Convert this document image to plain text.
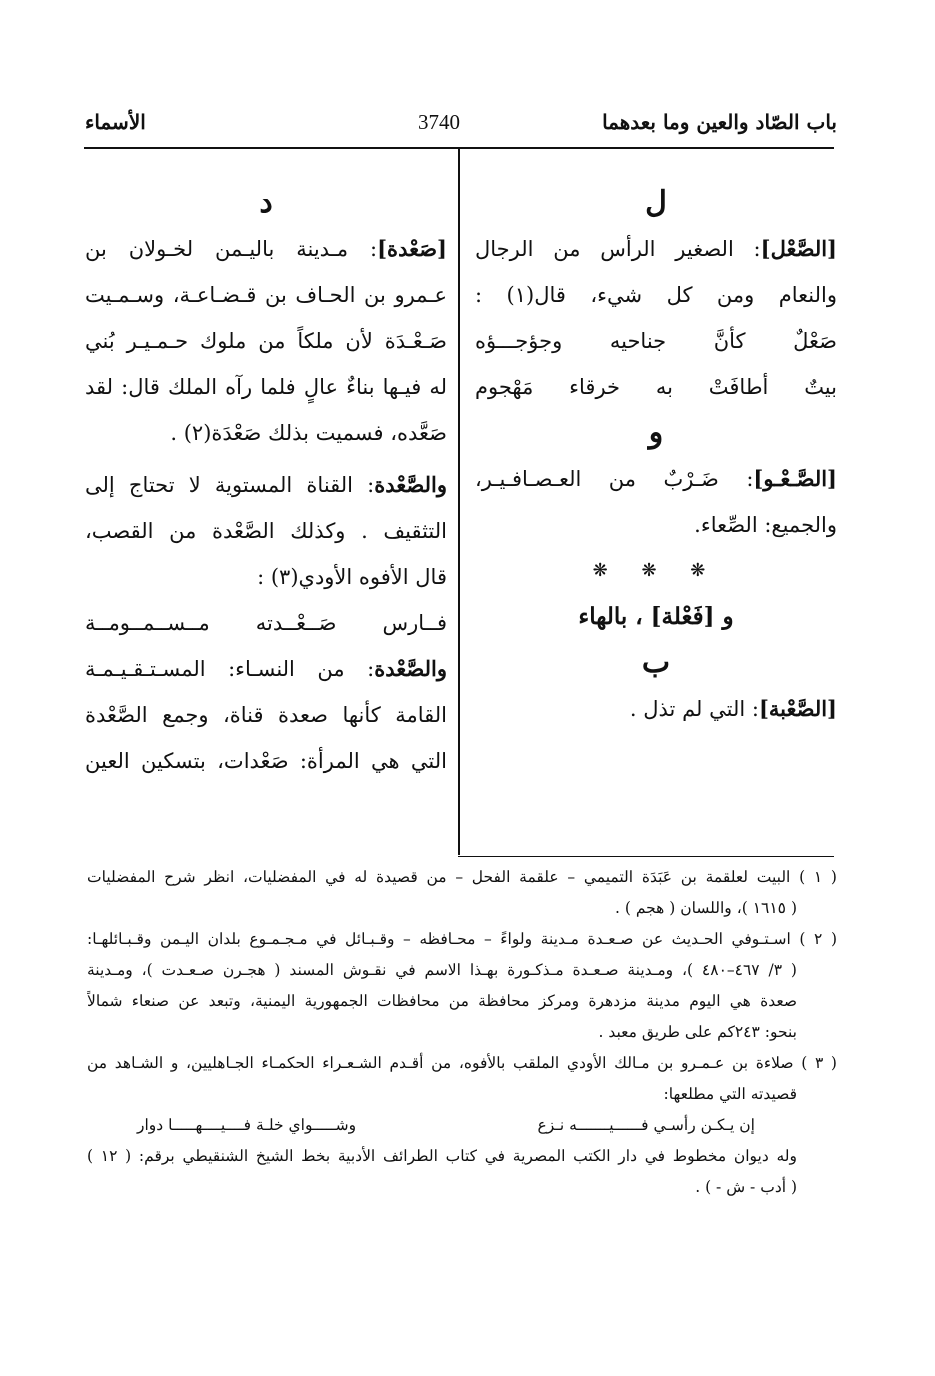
باب الصّاد والعين وما بعدهما
3740
الأسماء
ل
[الصَّعْل]: الصغير الرأس من الرجال
والنعام ومن كل شيء، قال(١) :
صَعْلٌ كأنَّ جناحيه وجؤجـــؤه
بيتٌ أطافَتْ به خرقاء مَهْجوم
و
[الصَّـعْـو]: ضَـرْبٌ من العـصـافـيـر،
والجميع: الصِّعاء.
❋ ❋ ❋
و [فَعْلة] ، بالهاء
ب
[الصَّعْبة]: التي لم تذل .
د
[صَعْدة]: مـدينة باليـمن لخـولان بن
عـمرو بن الحـاف بن قـضـاعـة، وسـمـيت
صَـعْـدَة لأن ملكاً من ملوك حـمـيـر بُني
له فيـها بناءٌ عالٍ فلما رآه الملك قال: لقد
صَعَّده، فسميت بذلك صَعْدَة(٢) .
والصَّعْدة: القناة المستوية لا تحتاج إلى
التثقيف . وكذلك الصَّعْدة من القصب،
قال الأفوه الأودي(٣) :
فــارس صَــعْــدته مــســمــومــة
والصَّعْدة: من النسـاء: المسـتـقـيـمـة
القامة كأنها صعدة قناة، وجمع الصَّعْدة
التي هي المرأة: صَعْدات، بتسكين العين
( ١ ) البيت لعلقمة بن عَبَدَة التميمي – علقمة الفحل – من قصيدة له في المفضليات، انظر شرح المفضليات
( ١٦١٥ )، واللسان ( هجم ) .
( ٢ ) اسـتـوفي الحـديث عن صـعـدة مـدينة ولواءً – محـافظه – وقـبـائل في مـجـمـوع بلدان اليـمن وقـبـائلهـا:
( ٣/ ٤٦٧–٤٨٠ )، ومـدينة صـعـدة مـذكـورة بهـذا الاسم في نقـوش المسند ( هجـرن صـعـدت )، ومـدينة
صعدة هي اليوم مدينة مزدهرة ومركز محافظة من محافظات الجمهورية اليمنية، وتبعد عن صنعاء شمالاً
بنحو: ٢٤٣كم على طريق معبد .
( ٣ ) صلاءة بن عـمـرو بن مـالك الأودي الملقب بالأفوه، من أقـدم الشـعـراء الحكمـاء الجـاهليين، و الشـاهد من
قصيدته التي مطلعها:
إن يـكـن رأسـي فــــــيـــــــه نـزع
وشـــــواي خلـة فــــيــــهـــــا دوار
وله ديوان مخطوط في دار الكتب المصرية في كتاب الطرائف الأدبية بخط الشيخ الشنقيطي برقم: ( ١٢ )
( أدب - ش - ) .
